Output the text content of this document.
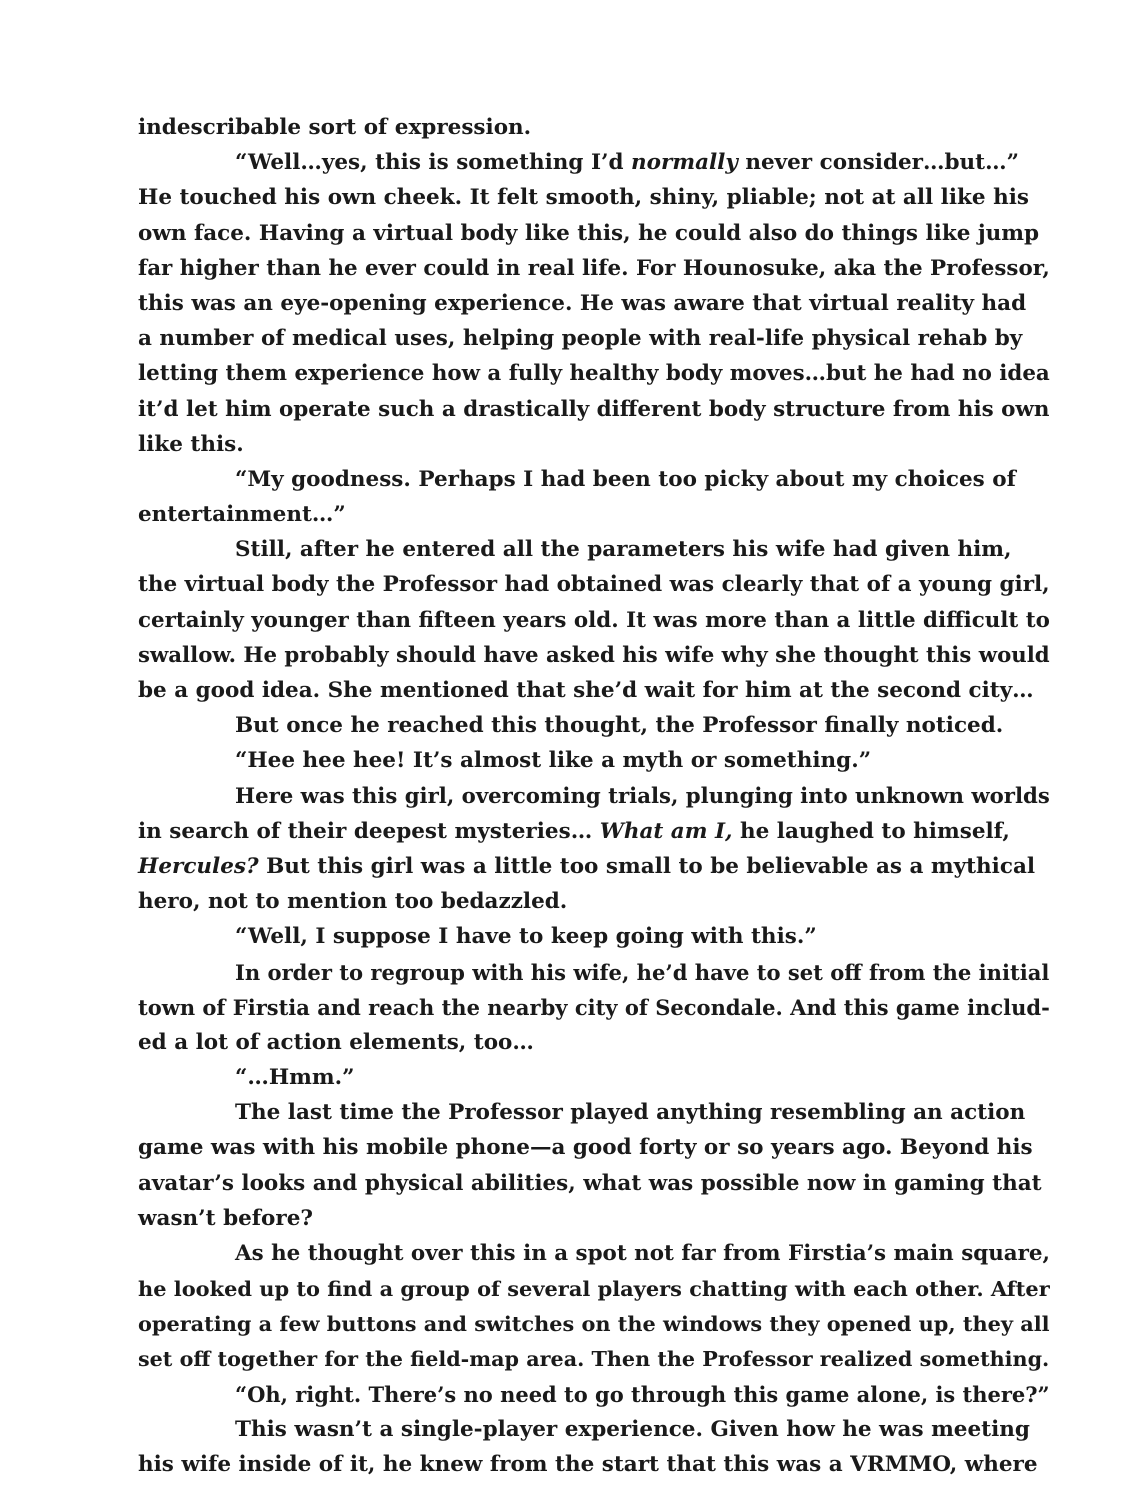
indescribable sort of expression.
“Well…yes, this is something I’d normally never consider…but…”
He touched his own cheek. It felt smooth, shiny, pliable; not at all like his
own face. Having a virtual body like this, he could also do things like jump
far higher than he ever could in real life. For Hounosuke, aka the Professor,
this was an eye-opening experience. He was aware that virtual reality had
a number of medical uses, helping people with real-life physical rehab by
letting them experience how a fully healthy body moves…but he had no idea
it’d let him operate such a drastically different body structure from his own
like this.
“My goodness. Perhaps I had been too picky about my choices of
entertainment…”
Still, after he entered all the parameters his wife had given him,
the virtual body the Professor had obtained was clearly that of a young girl,
certainly younger than fifteen years old. It was more than a little difficult to
swallow. He probably should have asked his wife why she thought this would
be a good idea. She mentioned that she’d wait for him at the second city…
But once he reached this thought, the Professor finally noticed.
“Hee hee hee! It’s almost like a myth or something.”
Here was this girl, overcoming trials, plunging into unknown worlds
in search of their deepest mysteries… What am I, he laughed to himself,
Hercules? But this girl was a little too small to be believable as a mythical
hero, not to mention too bedazzled.
“Well, I suppose I have to keep going with this.”
In order to regroup with his wife, he’d have to set off from the initial
town of Firstia and reach the nearby city of Secondale. And this game includ-
ed a lot of action elements, too…
“…Hmm.”
The last time the Professor played anything resembling an action
game was with his mobile phone—a good forty or so years ago. Beyond his
avatar’s looks and physical abilities, what was possible now in gaming that
wasn’t before?
As he thought over this in a spot not far from Firstia’s main square,
he looked up to find a group of several players chatting with each other. After
operating a few buttons and switches on the windows they opened up, they all
set off together for the field-map area. Then the Professor realized something.
“Oh, right. There’s no need to go through this game alone, is there?”
This wasn’t a single-player experience. Given how he was meeting
his wife inside of it, he knew from the start that this was a VRMMO, where
